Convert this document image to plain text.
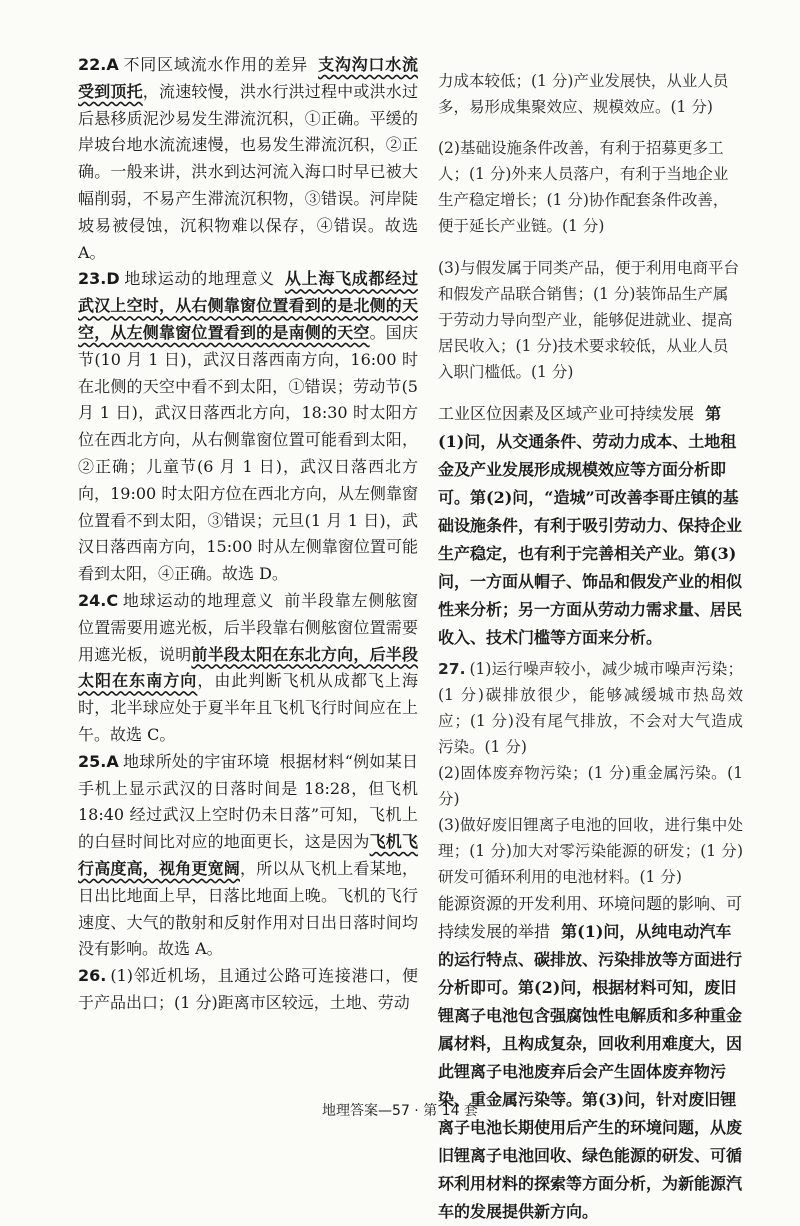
22.A 不同区域流水作用的差异 支沟沟口水流受到顶托，流速较慢，洪水行洪过程中或洪水过后悬移质泥沙易发生滞流沉积，①正确。平缓的岸坡台地水流流速慢，也易发生滞流沉积，②正确。一般来讲，洪水到达河流入海口时早已被大幅削弱，不易产生滞流沉积物，③错误。河岸陡坡易被侵蚀，沉积物难以保存，④错误。故选 A。
23.D 地球运动的地理意义 从上海飞成都经过武汉上空时，从右侧靠窗位置看到的是北侧的天空，从左侧靠窗位置看到的是南侧的天空。国庆节(10 月 1 日)，武汉日落西南方向，16:00 时在北侧的天空中看不到太阳，①错误；劳动节(5 月 1 日)，武汉日落西北方向，18:30 时太阳方位在西北方向，从右侧靠窗位置可能看到太阳，②正确；儿童节(6 月 1 日)，武汉日落西北方向，19:00 时太阳方位在西北方向，从左侧靠窗位置看不到太阳，③错误；元旦(1 月 1 日)，武汉日落西南方向，15:00 时从左侧靠窗位置可能看到太阳，④正确。故选 D。
24.C 地球运动的地理意义 前半段靠左侧舷窗位置需要用遮光板，后半段靠右侧舷窗位置需要用遮光板，说明前半段太阳在东北方向，后半段太阳在东南方向，由此判断飞机从成都飞上海时，北半球应处于夏半年且飞机飞行时间应在上午。故选 C。
25.A 地球所处的宇宙环境 根据材料“例如某日手机上显示武汉的日落时间是 18:28，但飞机 18:40 经过武汉上空时仍未日落”可知，飞机上的白昼时间比对应的地面更长，这是因为飞机飞行高度高，视角更宽阔，所以从飞机上看某地，日出比地面上早，日落比地面上晚。飞机的飞行速度、大气的散射和反射作用对日出日落时间均没有影响。故选 A。
26. (1)邻近机场，且通过公路可连接港口，便于产品出口；(1 分)距离市区较远，土地、劳动

力成本较低；(1 分)产业发展快，从业人员多，易形成集聚效应、规模效应。(1 分)

(2)基础设施条件改善，有利于招募更多工人；(1 分)外来人员落户，有利于当地企业生产稳定增长；(1 分)协作配套条件改善，便于延长产业链。(1 分)

(3)与假发属于同类产品，便于利用电商平台和假发产品联合销售；(1 分)装饰品生产属于劳动力导向型产业，能够促进就业、提高居民收入；(1 分)技术要求较低，从业人员入职门槛低。(1 分)

工业区位因素及区域产业可持续发展 第(1)问，从交通条件、劳动力成本、土地租金及产业发展形成规模效应等方面分析即可。第(2)问，“造城”可改善李哥庄镇的基础设施条件，有利于吸引劳动力、保持企业生产稳定，也有利于完善相关产业。第(3)问，一方面从帽子、饰品和假发产业的相似性来分析；另一方面从劳动力需求量、居民收入、技术门槛等方面来分析。
27. (1)运行噪声较小，减少城市噪声污染；(1 分)碳排放很少，能够减缓城市热岛效应；(1 分)没有尾气排放，不会对大气造成污染。(1 分)

(2)固体废弃物污染；(1 分)重金属污染。(1 分)

(3)做好废旧锂离子电池的回收，进行集中处理；(1 分)加大对零污染能源的研发；(1 分)研发可循环利用的电池材料。(1 分)

能源资源的开发利用、环境问题的影响、可持续发展的举措 第(1)问，从纯电动汽车的运行特点、碳排放、污染排放等方面进行分析即可。第(2)问，根据材料可知，废旧锂离子电池包含强腐蚀性电解质和多种重金属材料，且构成复杂，回收利用难度大，因此锂离子电池废弃后会产生固体废弃物污染、重金属污染等。第(3)问，针对废旧锂离子电池长期使用后产生的环境问题，从废旧锂离子电池回收、绿色能源的研发、可循环利用材料的探索等方面分析，为新能源汽车的发展提供新方向。
地理答案—57 · 第 14 套
